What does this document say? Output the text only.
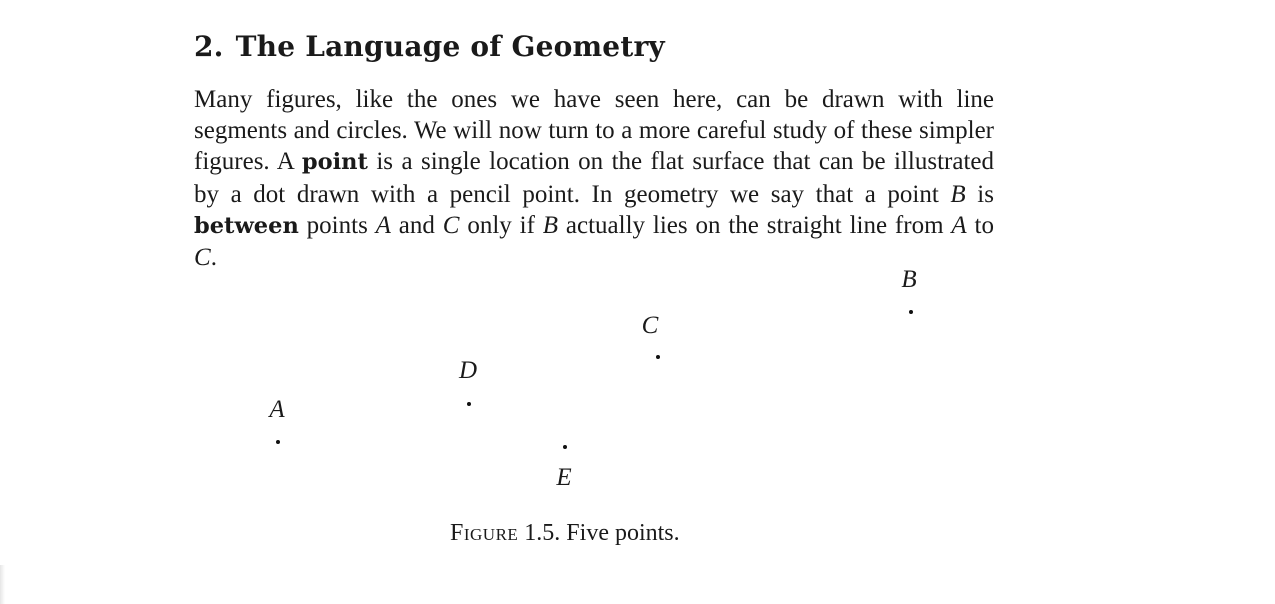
2. The Language of Geometry
Many figures, like the ones we have seen here, can be drawn with line segments and circles. We will now turn to a more careful study of these simpler figures. A point is a single location on the flat surface that can be illustrated by a dot drawn with a pencil point. In geometry we say that a point B is between points A and C only if B actually lies on the straight line from A to C.
A
B
C
D
E
Figure 1.5. Five points.
